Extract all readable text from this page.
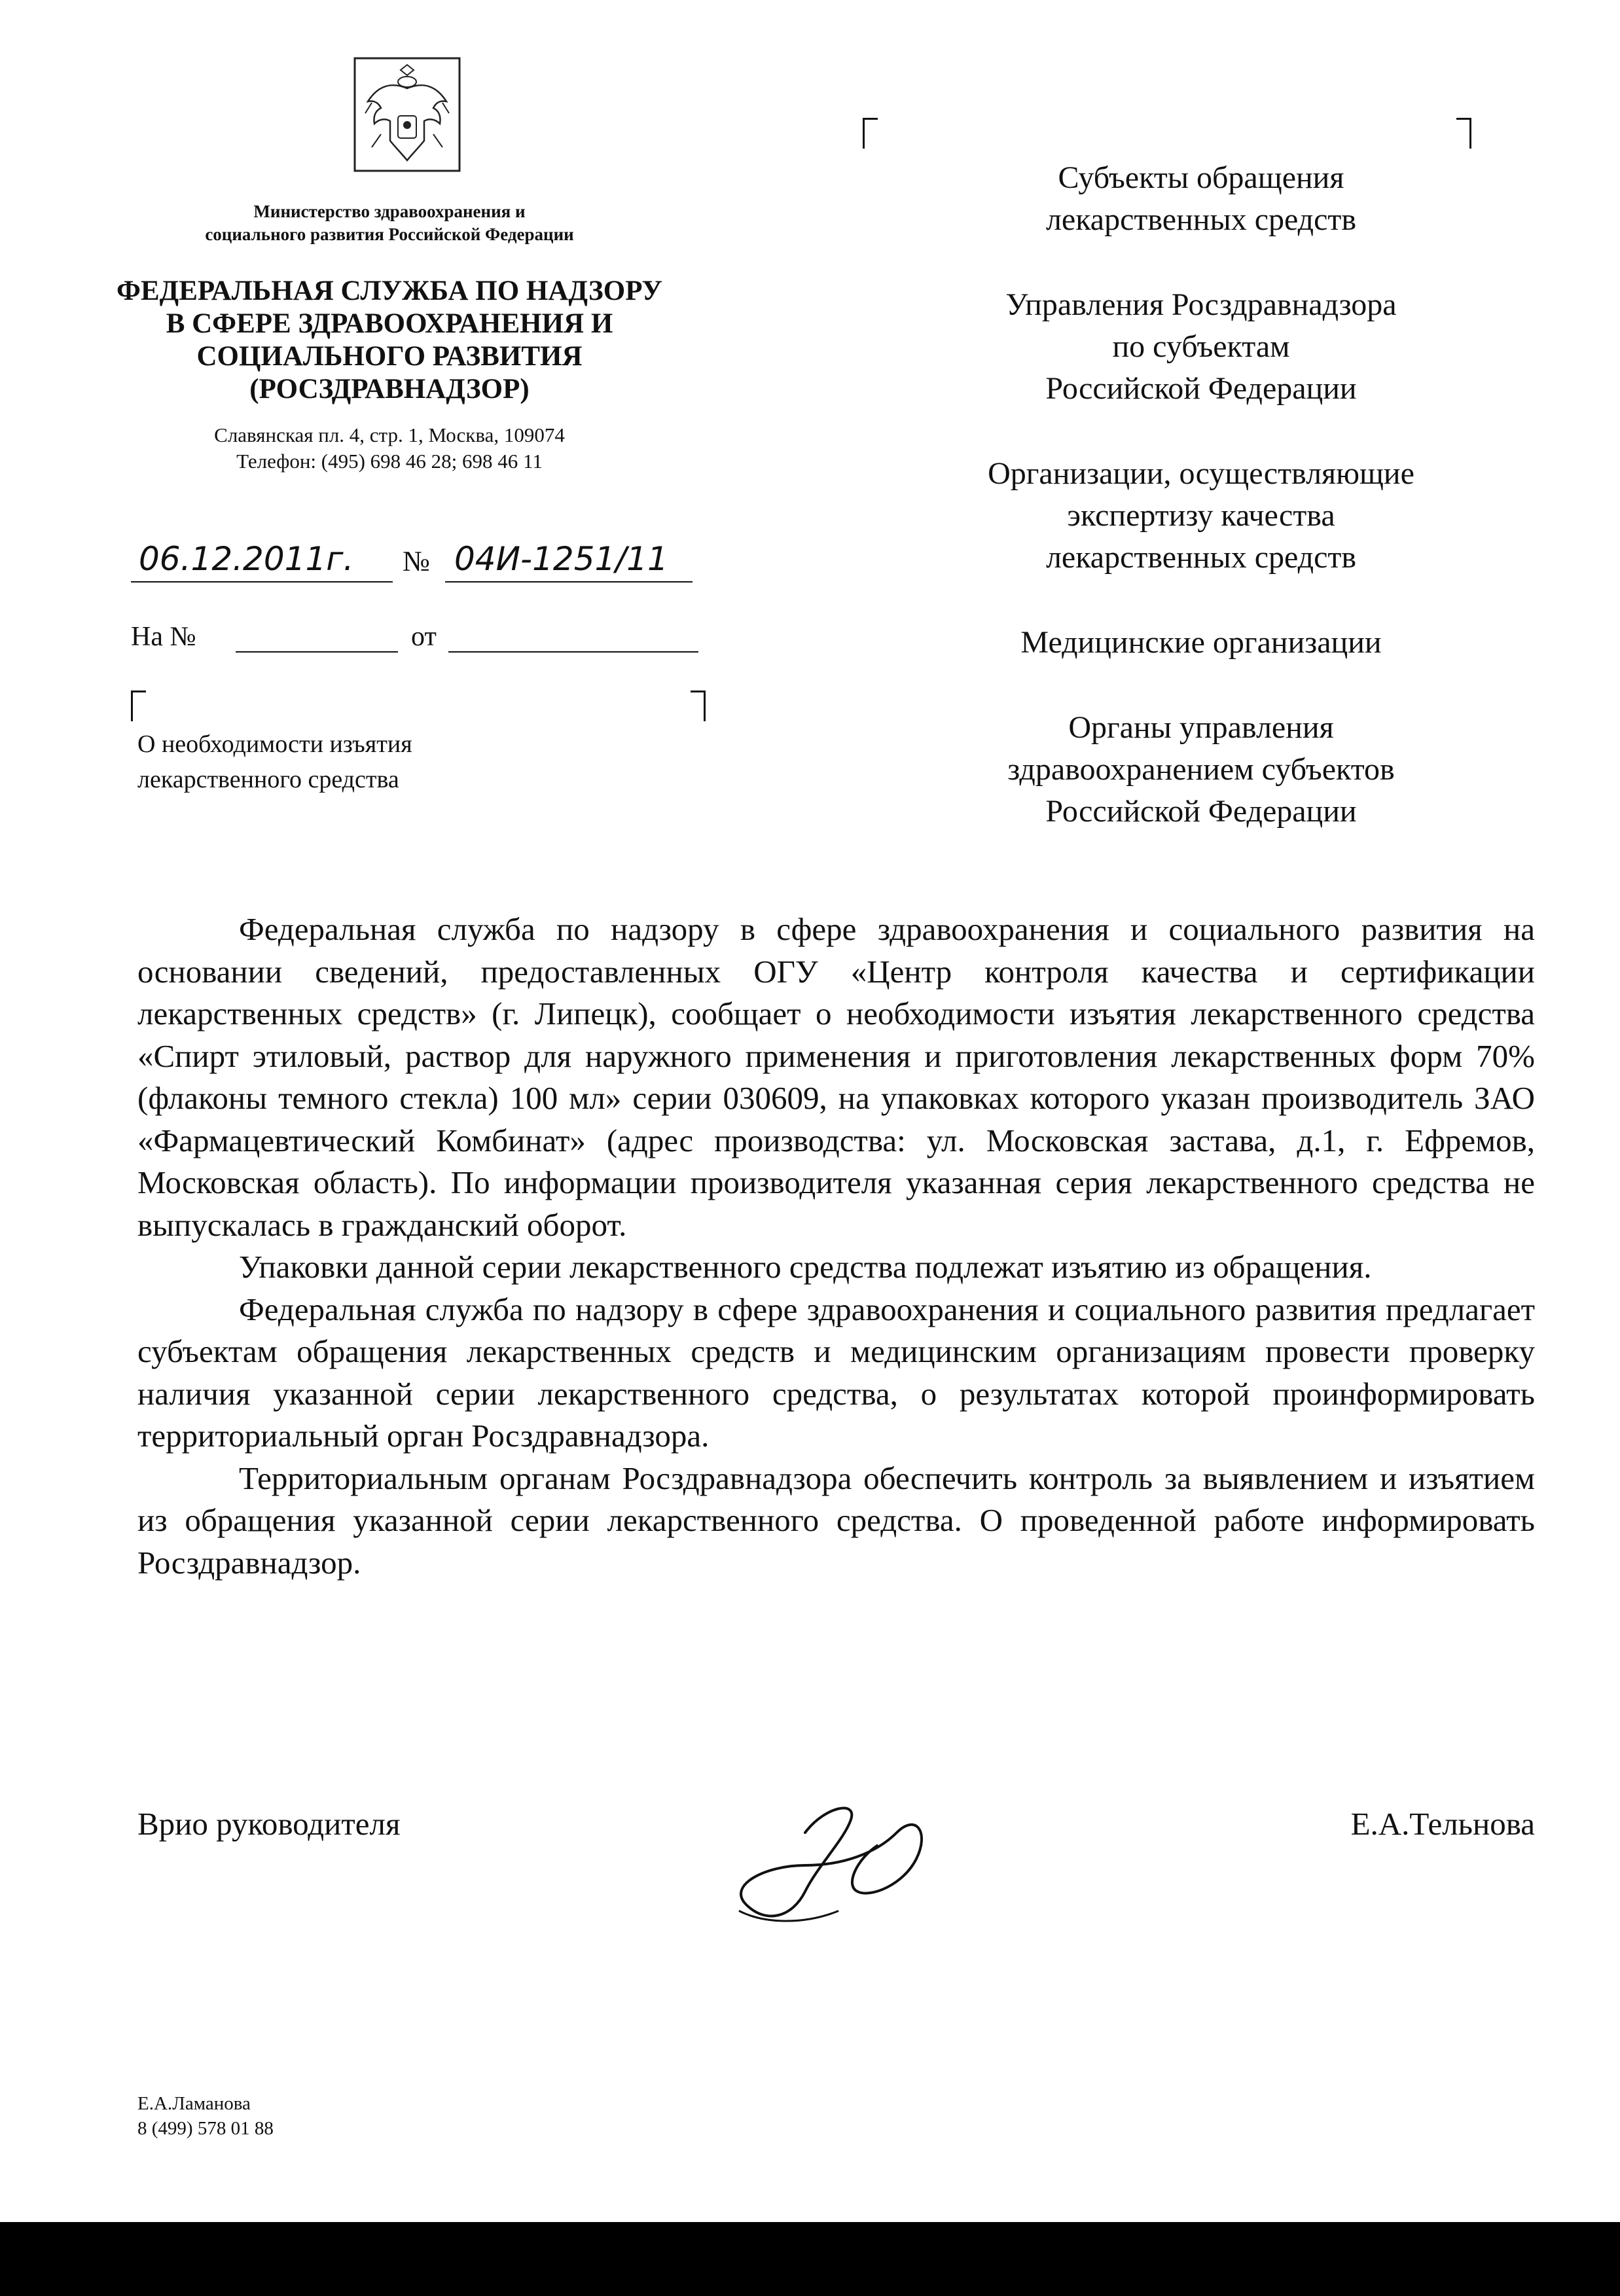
Министерство здравоохранения и
социального развития Российской Федерации
ФЕДЕРАЛЬНАЯ СЛУЖБА ПО НАДЗОРУ
В СФЕРЕ ЗДРАВООХРАНЕНИЯ И
СОЦИАЛЬНОГО РАЗВИТИЯ
(РОСЗДРАВНАДЗОР)
Славянская пл. 4, стр. 1, Москва, 109074
Телефон: (495) 698 46 28; 698 46 11
06.12.2011г.	№ 04И-1251/11
На №	от
О необходимости изъятия
лекарственного средства
Субъекты обращения
лекарственных средств
Управления Росздравнадзора
по субъектам
Российской Федерации
Организации, осуществляющие
экспертизу качества
лекарственных средств
Медицинские организации
Органы управления
здравоохранением субъектов
Российской Федерации

Федеральная служба по надзору в сфере здравоохранения и социального развития на основании сведений, предоставленных ОГУ «Центр контроля качества и сертификации лекарственных средств» (г. Липецк), сообщает о необходимости изъятия лекарственного средства «Спирт этиловый, раствор для наружного применения и приготовления лекарственных форм 70% (флаконы темного стекла) 100 мл» серии 030609, на упаковках которого указан производитель ЗАО «Фармацевтический Комбинат» (адрес производства: ул. Московская застава, д.1, г. Ефремов, Московская область). По информации производителя указанная серия лекарственного средства не выпускалась в гражданский оборот.

Упаковки данной серии лекарственного средства подлежат изъятию из обращения.

Федеральная служба по надзору в сфере здравоохранения и социального развития предлагает субъектам обращения лекарственных средств и медицинским организациям провести проверку наличия указанной серии лекарственного средства, о результатах которой проинформировать территориальный орган Росздравнадзора.

Территориальным органам Росздравнадзора обеспечить контроль за выявлением и изъятием из обращения указанной серии лекарственного средства. О проведенной работе информировать Росздравнадзор.

Врио руководителя	Е.А.Тельнова
Е.А.Ламанова
8 (499) 578 01 88
